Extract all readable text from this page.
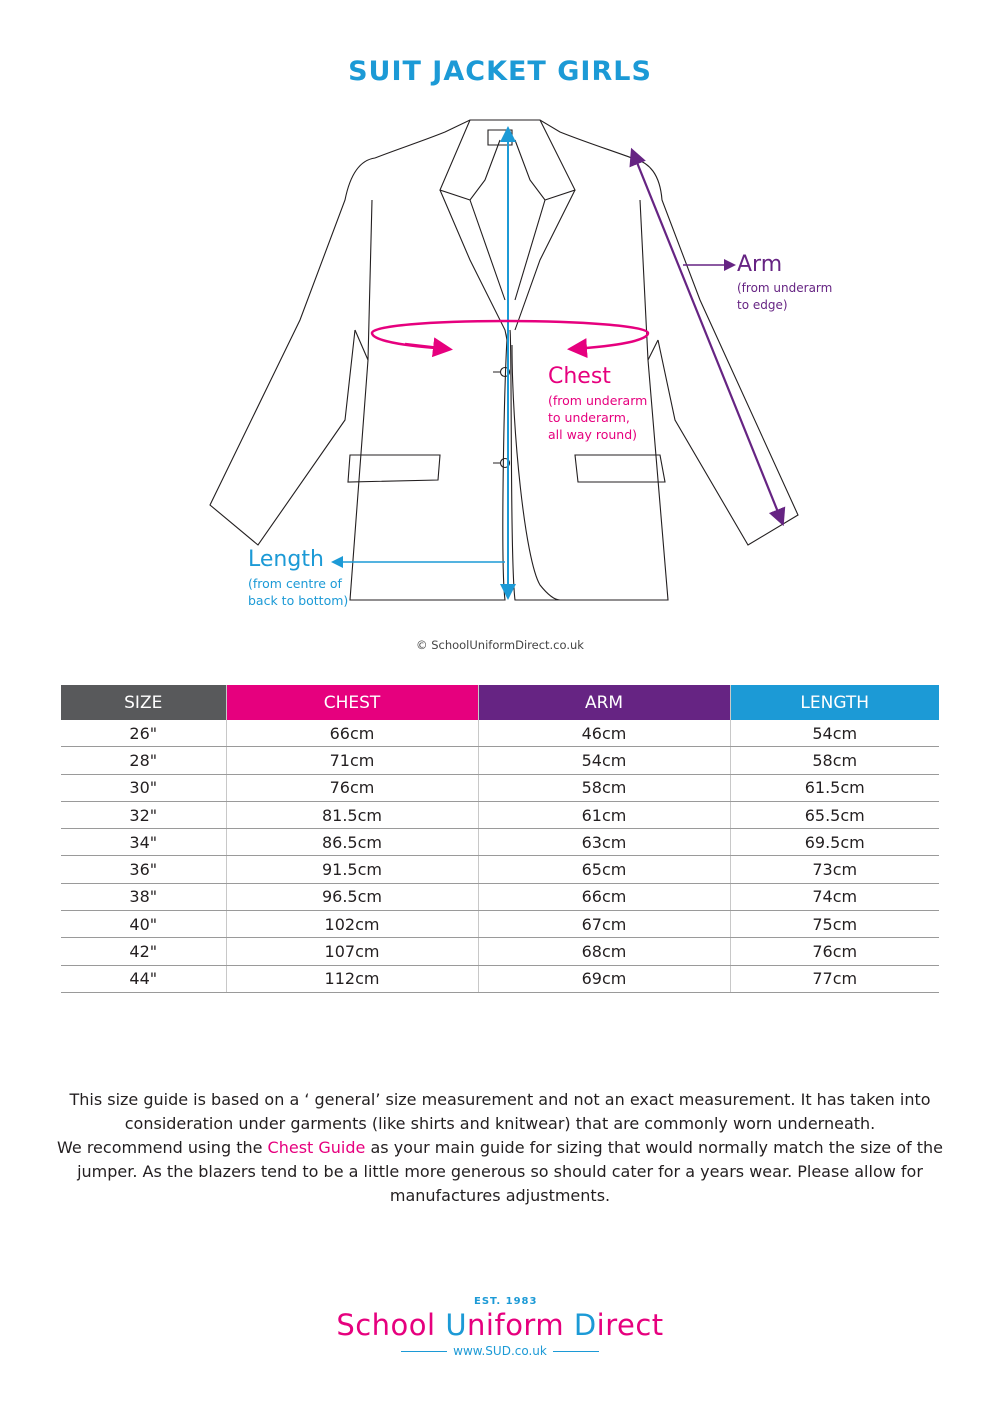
SUIT JACKET GIRLS
Arm
(from underarm
to edge)
Chest
(from underarm
to underarm,
all way round)
Length
(from centre of
back to bottom)
© SchoolUniformDirect.co.uk
SIZE	CHEST	ARM	LENGTH
26"	66cm	46cm	54cm
28"	71cm	54cm	58cm
30"	76cm	58cm	61.5cm
32"	81.5cm	61cm	65.5cm
34"	86.5cm	63cm	69.5cm
36"	91.5cm	65cm	73cm
38"	96.5cm	66cm	74cm
40"	102cm	67cm	75cm
42"	107cm	68cm	76cm
44"	112cm	69cm	77cm
This size guide is based on a ‘ general’ size measurement and not an exact measurement. It has taken into consideration under garments (like shirts and knitwear) that are commonly worn underneath.
We recommend using the Chest Guide as your main guide for sizing that would normally match the size of the jumper. As the blazers tend to be a little more generous so should cater for a years wear. Please allow for manufactures adjustments.
EST. 1983
School Uniform Direct
www.SUD.co.uk
